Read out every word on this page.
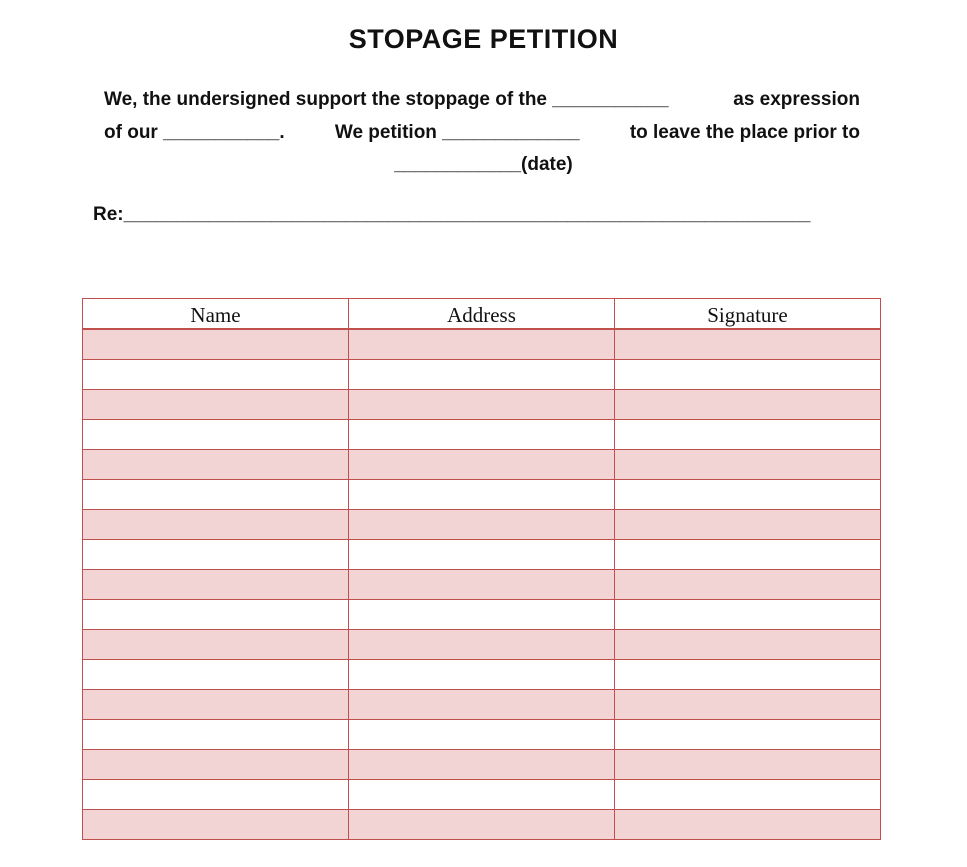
STOPAGE PETITION
We, the undersigned support the stoppage of the ___________	as expression
of our ___________.	We petition _____________	to leave the place prior to
____________(date)
Re:_________________________________________________________________
Name	Address	Signature
